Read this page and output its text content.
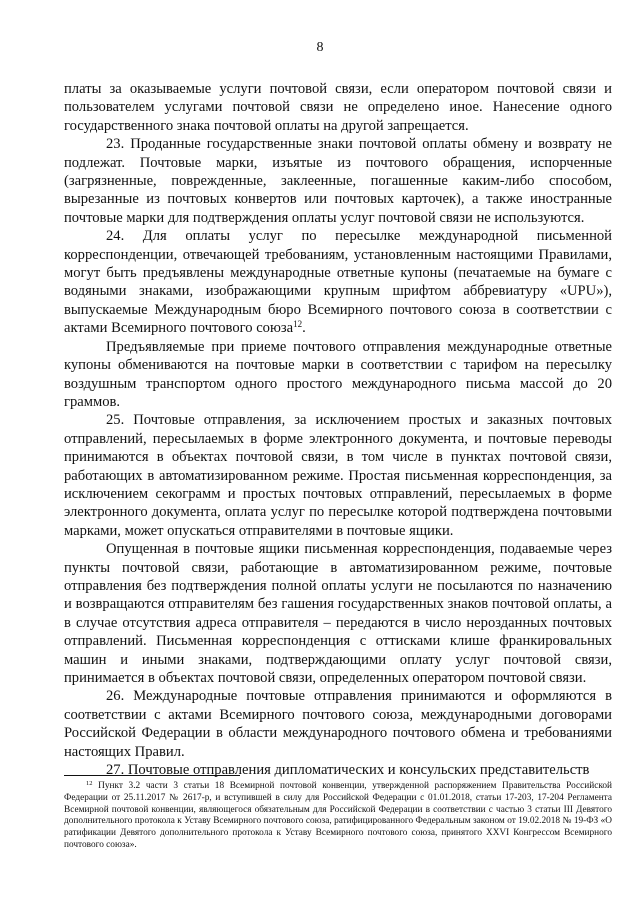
8

платы за оказываемые услуги почтовой связи, если оператором почтовой связи и пользователем услугами почтовой связи не определено иное. Нанесение одного государственного знака почтовой оплаты на другой запрещается.

23. Проданные государственные знаки почтовой оплаты обмену и возврату не подлежат. Почтовые марки, изъятые из почтового обращения, испорченные (загрязненные, поврежденные, заклеенные, погашенные каким-либо способом, вырезанные из почтовых конвертов или почтовых карточек), а также иностранные почтовые марки для подтверждения оплаты услуг почтовой связи не используются.

24. Для оплаты услуг по пересылке международной письменной корреспонденции, отвечающей требованиям, установленным настоящими Правилами, могут быть предъявлены международные ответные купоны (печатаемые на бумаге с водяными знаками, изображающими крупным шрифтом аббревиатуру «UPU»), выпускаемые Международным бюро Всемирного почтового союза в соответствии с актами Всемирного почтового союза$^{12}$.

Предъявляемые при приеме почтового отправления международные ответные купоны обмениваются на почтовые марки в соответствии с тарифом на пересылку воздушным транспортом одного простого международного письма массой до 20 граммов.

25. Почтовые отправления, за исключением простых и заказных почтовых отправлений, пересылаемых в форме электронного документа, и почтовые переводы принимаются в объектах почтовой связи, в том числе в пунктах почтовой связи, работающих в автоматизированном режиме. Простая письменная корреспонденция, за исключением секограмм и простых почтовых отправлений, пересылаемых в форме электронного документа, оплата услуг по пересылке которой подтверждена почтовыми марками, может опускаться отправителями в почтовые ящики.

Опущенная в почтовые ящики письменная корреспонденция, подаваемые через пункты почтовой связи, работающие в автоматизированном режиме, почтовые отправления без подтверждения полной оплаты услуги не посылаются по назначению и возвращаются отправителям без гашения государственных знаков почтовой оплаты, а в случае отсутствия адреса отправителя – передаются в число нерозданных почтовых отправлений. Письменная корреспонденция с оттисками клише франкировальных машин и иными знаками, подтверждающими оплату услуг почтовой связи, принимается в объектах почтовой связи, определенных оператором почтовой связи.

26. Международные почтовые отправления принимаются и оформляются в соответствии с актами Всемирного почтового союза, международными договорами Российской Федерации в области международного почтового обмена и требованиями настоящих Правил.

27. Почтовые отправления дипломатических и консульских представительств

$^{12}$ Пункт 3.2 части 3 статьи 18 Всемирной почтовой конвенции, утвержденной распоряжением Правительства Российской Федерации от 25.11.2017 № 2617-р, и вступившей в силу для Российской Федерации с 01.01.2018, статьи 17-203, 17-204 Регламента Всемирной почтовой конвенции, являющегося обязательным для Российской Федерации в соответствии с частью 3 статьи III Девятого дополнительного протокола к Уставу Всемирного почтового союза, ратифицированного Федеральным законом от 19.02.2018 № 19-ФЗ «О ратификации Девятого дополнительного протокола к Уставу Всемирного почтового союза, принятого XXVI Конгрессом Всемирного почтового союза».
